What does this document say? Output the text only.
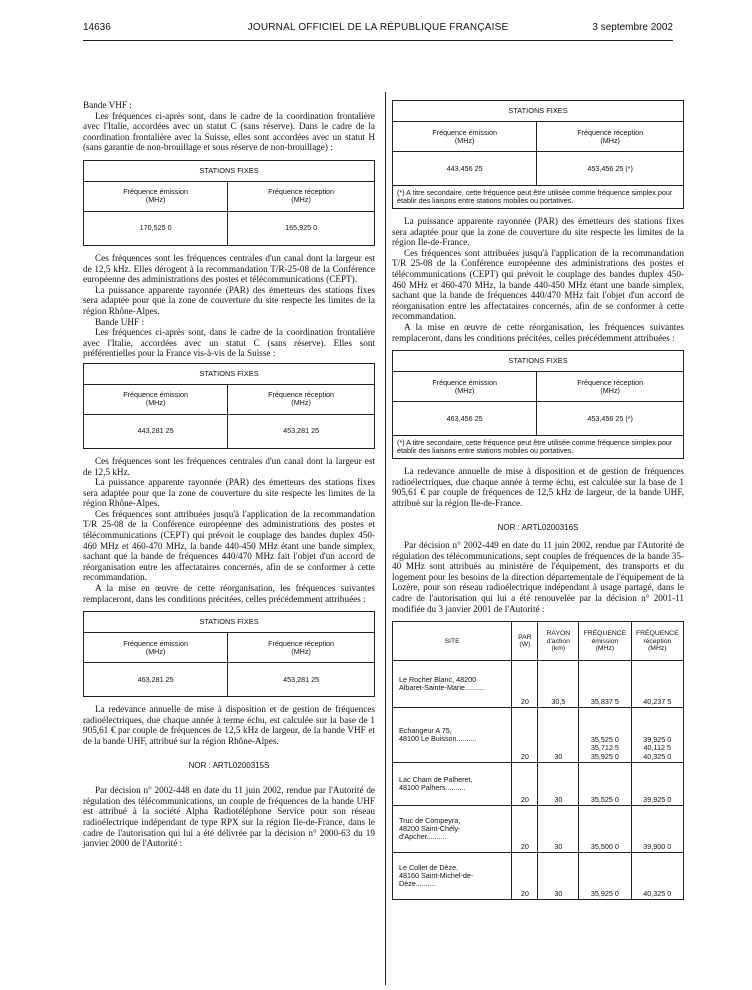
14636	JOURNAL OFFICIEL DE LA RÉPUBLIQUE FRANÇAISE	3 septembre 2002

Bande VHF :

Les fréquences ci-après sont, dans le cadre de la coordination frontalière avec l'Italie, accordées avec un statut C (sans réserve). Dans le cadre de la coordination frontalière avec la Suisse, elles sont accordées avec un statut H (sans garantie de non-brouillage et sous réserve de non-brouillage) :

STATIONS FIXES	
Fréquence émission
(MHz)	Fréquence réception
(MHz)
170,525 0	165,925 0

Ces fréquences sont les fréquences centrales d'un canal dont la largeur est de 12,5 kHz. Elles dérogent à la recommandation T/R-25-08 de la Conférence européenne des administrations des postes et télécommunications (CEPT).

La puissance apparente rayonnée (PAR) des émetteurs des stations fixes sera adaptée pour que la zone de couverture du site respecte les limites de la région Rhône-Alpes.

Bande UHF :

Les fréquences ci-après sont, dans le cadre de la coordination frontalière avec l'Italie, accordées avec un statut C (sans réserve). Elles sont préférentielles pour la France vis-à-vis de la Suisse :

STATIONS FIXES	
Fréquence émission
(MHz)	Fréquence réception
(MHz)
443,281 25	453,281 25

Ces fréquences sont les fréquences centrales d'un canal dont la largeur est de 12,5 kHz.

La puissance apparente rayonnée (PAR) des émetteurs des stations fixes sera adaptée pour que la zone de couverture du site respecte les limites de la région Rhône-Alpes.

Ces fréquences sont attribuées jusqu'à l'application de la recommandation T/R 25-08 de la Conférence européenne des administrations des postes et télécommunications (CEPT) qui prévoit le couplage des bandes duplex 450-460 MHz et 460-470 MHz, la bande 440-450 MHz étant une bande simplex, sachant que la bande de fréquences 440/470 MHz fait l'objet d'un accord de réorganisation entre les affectataires concernés, afin de se conformer à cette recommandation.

A la mise en œuvre de cette réorganisation, les fréquences suivantes remplaceront, dans les conditions précitées, celles précédemment attribuées :

STATIONS FIXES	
Fréquence émission
(MHz)	Fréquence réception
(MHz)
463,281 25	453,281 25

La redevance annuelle de mise à disposition et de gestion de fréquences radioélectriques, due chaque année à terme échu, est calculée sur la base de 1 905,61 € par couple de fréquences de 12,5 kHz de largeur, de la bande VHF et de la bande UHF, attribué sur la région Rhône-Alpes.

NOR : ARTL0200315S

Par décision n° 2002-448 en date du 11 juin 2002, rendue par l'Autorité de régulation des télécommunications, un couple de fréquences de la bande UHF est attribué à la société Alpha Radiotéléphone Service pour son réseau radioélectrique indépendant de type RPX sur la région Ile-de-France, dans le cadre de l'autorisation qui lui a été délivrée par la décision n° 2000-63 du 19 janvier 2000 de l'Autorité :

STATIONS FIXES	
Fréquence émission
(MHz)	Fréquence réception
(MHz)
443,456 25	453,456 25 (*)
(*) A titre secondaire, cette fréquence peut être utilisée comme fréquence simplex pour établir des liaisons entre stations mobiles ou portatives.	

La puissance apparente rayonnée (PAR) des émetteurs des stations fixes sera adaptée pour que la zone de couverture du site respecte les limites de la région Ile-de-France.

Ces fréquences sont attribuées jusqu'à l'application de la recommandation T/R 25-08 de la Conférence européenne des administrations des postes et télécommunications (CEPT) qui prévoit le couplage des bandes duplex 450-460 MHz et 460-470 MHz, la bande 440-450 MHz étant une bande simplex, sachant que la bande de fréquences 440/470 MHz fait l'objet d'un accord de réorganisation entre les affectataires concernés, afin de se conformer à cette recommandation.

A la mise en œuvre de cette réorganisation, les fréquences suivantes remplaceront, dans les conditions précitées, celles précédemment attribuées :

STATIONS FIXES	
Fréquence émission
(MHz)	Fréquence réception
(MHz)
463,456 25	453,456 25 (*)
(*) A titre secondaire, cette fréquence peut être utilisée comme fréquence simplex pour établir des liaisons entre stations mobiles ou portatives.	

La redevance annuelle de mise à disposition et de gestion de fréquences radioélectriques, due chaque année à terme échu, est calculée sur la base de 1 905,61 € par couple de fréquences de 12,5 kHz de largeur, de la bande UHF, attribué sur la région Ile-de-France.

NOR : ARTL0200316S

Par décision n° 2002-449 en date du 11 juin 2002, rendue par l'Autorité de régulation des télécommunications, sept couples de fréquences de la bande 35-40 MHz sont attribués au ministère de l'équipement, des transports et du logement pour les besoins de la direction départementale de l'équipement de la Lozère, pour son réseau radioélectrique indépendant à usage partagé, dans le cadre de l'autorisation qui lui a été renouvelée par la décision n° 2001-11 modifiée du 3 janvier 2001 de l'Autorité :

SITE	PAR
(W)	RAYON
d'action
(km)	FRÉQUENCE
émission
(MHz)	FRÉQUENCE
réception
(MHz)
Le Rocher Blanc, 48200
Albaret-Sainte-Marie..........	20	30,5	35,837 5	40,237 5
Echangeur A 75,
48100 Le Buisson..........	20	30	35,525 0
35,712 5
35,925 0	39,925 0
40,112 5
40,325 0
Lac Cham de Palheret,
48100 Palhers..........	20	30	35,525 0	39,925 0
Truc de Compeyra,
48200 Saint-Chély-
d'Apcher..........	20	30	35,500 0	39,900 0
Le Collet de Dèze,
48160 Saint-Michel-de-
Dèze..........	20	30	35,925 0	40,325 0
